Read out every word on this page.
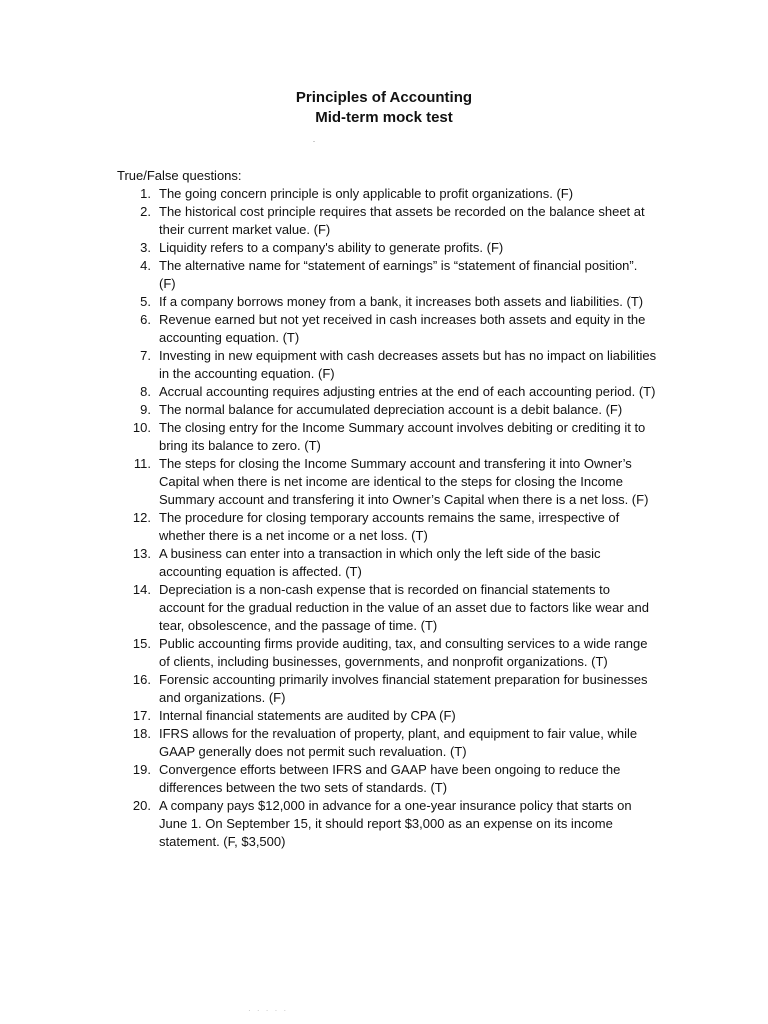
Principles of Accounting
Mid-term mock test
True/False questions:
1. The going concern principle is only applicable to profit organizations. (F)
2. The historical cost principle requires that assets be recorded on the balance sheet at their current market value. (F)
3. Liquidity refers to a company's ability to generate profits. (F)
4. The alternative name for “statement of earnings” is “statement of financial position”. (F)
5. If a company borrows money from a bank, it increases both assets and liabilities. (T)
6. Revenue earned but not yet received in cash increases both assets and equity in the accounting equation. (T)
7. Investing in new equipment with cash decreases assets but has no impact on liabilities in the accounting equation. (F)
8. Accrual accounting requires adjusting entries at the end of each accounting period. (T)
9. The normal balance for accumulated depreciation account is a debit balance. (F)
10. The closing entry for the Income Summary account involves debiting or crediting it to bring its balance to zero. (T)
11. The steps for closing the Income Summary account and transfering it into Owner’s Capital when there is net income are identical to the steps for closing the Income Summary account and transfering it into Owner’s Capital when there is a net loss. (F)
12. The procedure for closing temporary accounts remains the same, irrespective of whether there is a net income or a net loss. (T)
13. A business can enter into a transaction in which only the left side of the basic accounting equation is affected. (T)
14. Depreciation is a non-cash expense that is recorded on financial statements to account for the gradual reduction in the value of an asset due to factors like wear and tear, obsolescence, and the passage of time. (T)
15. Public accounting firms provide auditing, tax, and consulting services to a wide range of clients, including businesses, governments, and nonprofit organizations. (T)
16. Forensic accounting primarily involves financial statement preparation for businesses and organizations. (F)
17. Internal financial statements are audited by CPA (F)
18. IFRS allows for the revaluation of property, plant, and equipment to fair value, while GAAP generally does not permit such revaluation. (T)
19. Convergence efforts between IFRS and GAAP have been ongoing to reduce the differences between the two sets of standards. (T)
20. A company pays $12,000 in advance for a one-year insurance policy that starts on June 1. On September 15, it should report $3,000 as an expense on its income statement. (F, $3,500)
· · · · ·
